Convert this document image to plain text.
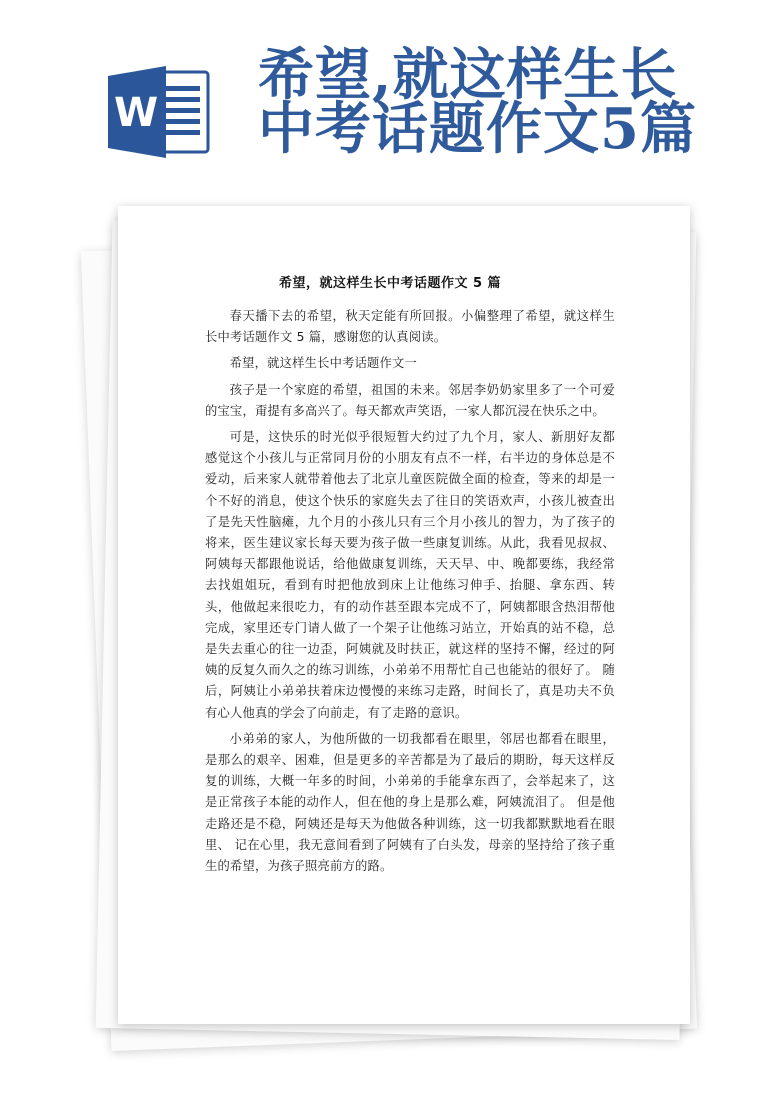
W
希望,就这样生长
中考话题作文5篇
希望，就这样生长中考话题作文 5 篇

春天播下去的希望，秋天定能有所回报。小偏整理了希望，就这样生长中考话题作文 5 篇，感谢您的认真阅读。

希望，就这样生长中考话题作文一

孩子是一个家庭的希望，祖国的未来。邻居李奶奶家里多了一个可爱的宝宝，甭提有多高兴了。每天都欢声笑语，一家人都沉浸在快乐之中。

可是，这快乐的时光似乎很短暂大约过了九个月，家人、新朋好友都感觉这个小孩儿与正常同月份的小朋友有点不一样，右半边的身体总是不爱动，后来家人就带着他去了北京儿童医院做全面的检查，等来的却是一个不好的消息，使这个快乐的家庭失去了往日的笑语欢声，小孩儿被查出了是先天性脑瘫，九个月的小孩儿只有三个月小孩儿的智力，为了孩子的将来，医生建议家长每天要为孩子做一些康复训练。从此，我看见叔叔、阿姨每天都跟他说话，给他做康复训练，天天早、中、晚都要练，我经常去找姐姐玩，看到有时把他放到床上让他练习伸手、抬腿、拿东西、转头，他做起来很吃力，有的动作甚至跟本完成不了，阿姨都眼含热泪帮他完成，家里还专门请人做了一个架子让他练习站立，开始真的站不稳，总是失去重心的往一边歪，阿姨就及时扶正，就这样的坚持不懈，经过的阿姨的反复久而久之的练习训练，小弟弟不用帮忙自己也能站的很好了。 随后，阿姨让小弟弟扶着床边慢慢的来练习走路，时间长了，真是功夫不负有心人他真的学会了向前走，有了走路的意识。

小弟弟的家人，为他所做的一切我都看在眼里，邻居也都看在眼里，是那么的艰辛、困难，但是更多的辛苦都是为了最后的期盼，每天这样反复的训练，大概一年多的时间，小弟弟的手能拿东西了，会举起来了，这是正常孩子本能的动作人，但在他的身上是那么难，阿姨流泪了。 但是他走路还是不稳，阿姨还是每天为他做各种训练，这一切我都默默地看在眼里、 记在心里，我无意间看到了阿姨有了白头发，母亲的坚持给了孩子重生的希望，为孩子照亮前方的路。
